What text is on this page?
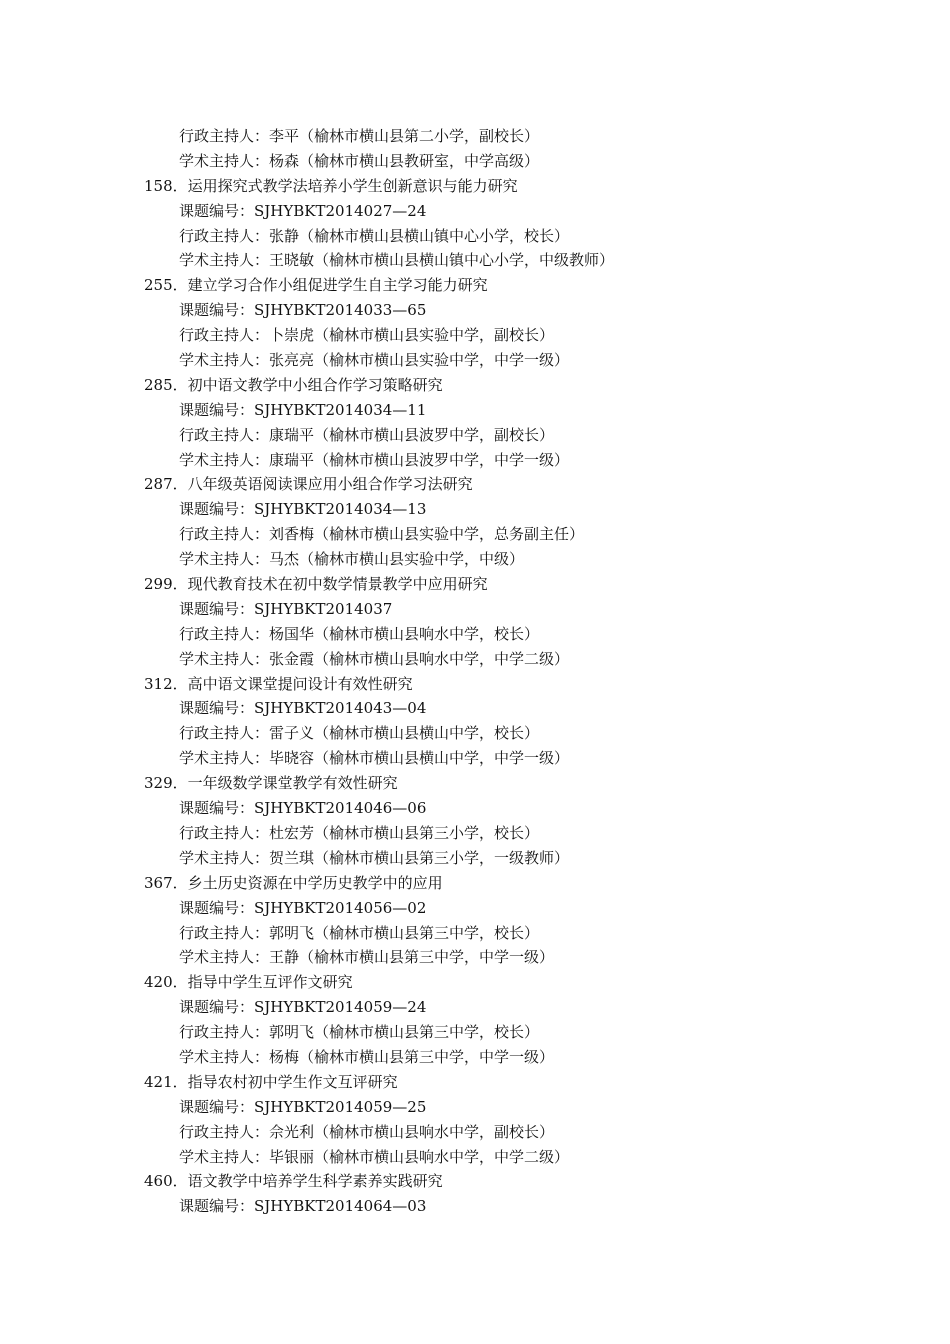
行政主持人：李平（榆林市横山县第二小学，副校长）
学术主持人：杨森（榆林市横山县教研室，中学高级）
158．运用探究式教学法培养小学生创新意识与能力研究
课题编号：SJHYBKT2014027—24
行政主持人：张静（榆林市横山县横山镇中心小学，校长）
学术主持人：王晓敏（榆林市横山县横山镇中心小学，中级教师）
255．建立学习合作小组促进学生自主学习能力研究
课题编号：SJHYBKT2014033—65
行政主持人：卜崇虎（榆林市横山县实验中学，副校长）
学术主持人：张亮亮（榆林市横山县实验中学，中学一级）
285．初中语文教学中小组合作学习策略研究
课题编号：SJHYBKT2014034—11
行政主持人：康瑞平（榆林市横山县波罗中学，副校长）
学术主持人：康瑞平（榆林市横山县波罗中学，中学一级）
287．八年级英语阅读课应用小组合作学习法研究
课题编号：SJHYBKT2014034—13
行政主持人：刘香梅（榆林市横山县实验中学，总务副主任）
学术主持人：马杰（榆林市横山县实验中学，中级）
299．现代教育技术在初中数学情景教学中应用研究
课题编号：SJHYBKT2014037
行政主持人：杨国华（榆林市横山县响水中学，校长）
学术主持人：张金霞（榆林市横山县响水中学，中学二级）
312．高中语文课堂提问设计有效性研究
课题编号：SJHYBKT2014043—04
行政主持人：雷子义（榆林市横山县横山中学，校长）
学术主持人：毕晓容（榆林市横山县横山中学，中学一级）
329．一年级数学课堂教学有效性研究
课题编号：SJHYBKT2014046—06
行政主持人：杜宏芳（榆林市横山县第三小学，校长）
学术主持人：贺兰琪（榆林市横山县第三小学，一级教师）
367．乡土历史资源在中学历史教学中的应用
课题编号：SJHYBKT2014056—02
行政主持人：郭明飞（榆林市横山县第三中学，校长）
学术主持人：王静（榆林市横山县第三中学，中学一级）
420．指导中学生互评作文研究
课题编号：SJHYBKT2014059—24
行政主持人：郭明飞（榆林市横山县第三中学，校长）
学术主持人：杨梅（榆林市横山县第三中学，中学一级）
421．指导农村初中学生作文互评研究
课题编号：SJHYBKT2014059—25
行政主持人：佘光利（榆林市横山县响水中学，副校长）
学术主持人：毕银丽（榆林市横山县响水中学，中学二级）
460．语文教学中培养学生科学素养实践研究
课题编号：SJHYBKT2014064—03
